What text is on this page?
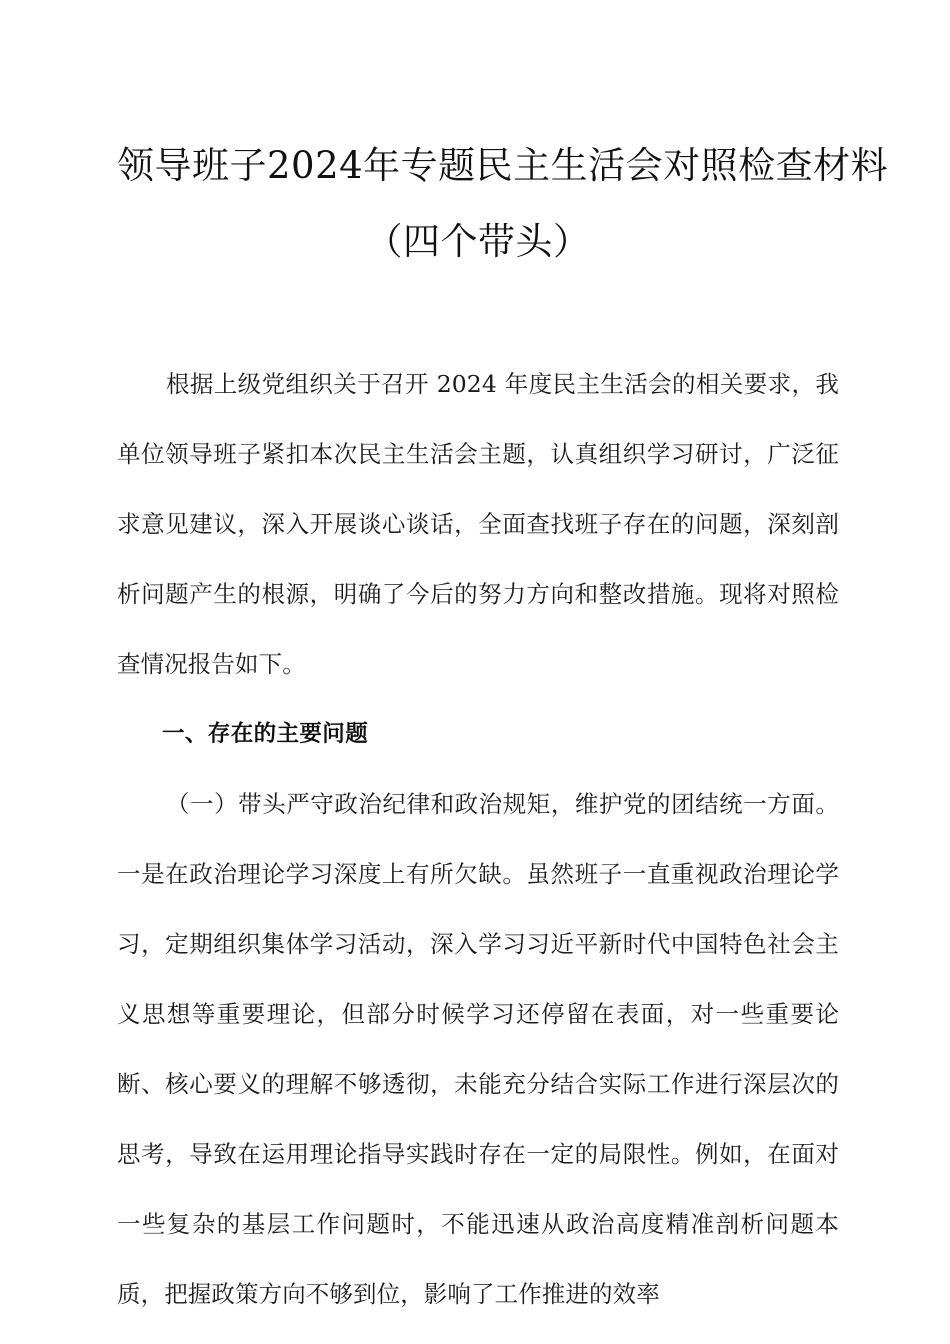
领导班子2024年专题民主生活会对照检查材料
（四个带头）

根据上级党组织关于召开 2024 年度民主生活会的相关要求，我单位领导班子紧扣本次民主生活会主题，认真组织学习研讨，广泛征求意见建议，深入开展谈心谈话，全面查找班子存在的问题，深刻剖析问题产生的根源，明确了今后的努力方向和整改措施。现将对照检查情况报告如下。

一、存在的主要问题

（一）带头严守政治纪律和政治规矩，维护党的团结统一方面。一是在政治理论学习深度上有所欠缺。虽然班子一直重视政治理论学习，定期组织集体学习活动，深入学习习近平新时代中国特色社会主义思想等重要理论，但部分时候学习还停留在表面，对一些重要论断、核心要义的理解不够透彻，未能充分结合实际工作进行深层次的思考，导致在运用理论指导实践时存在一定的局限性。例如，在面对一些复杂的基层工作问题时，不能迅速从政治高度精准剖析问题本质，把握政策方向不够到位，影响了工作推进的效率
